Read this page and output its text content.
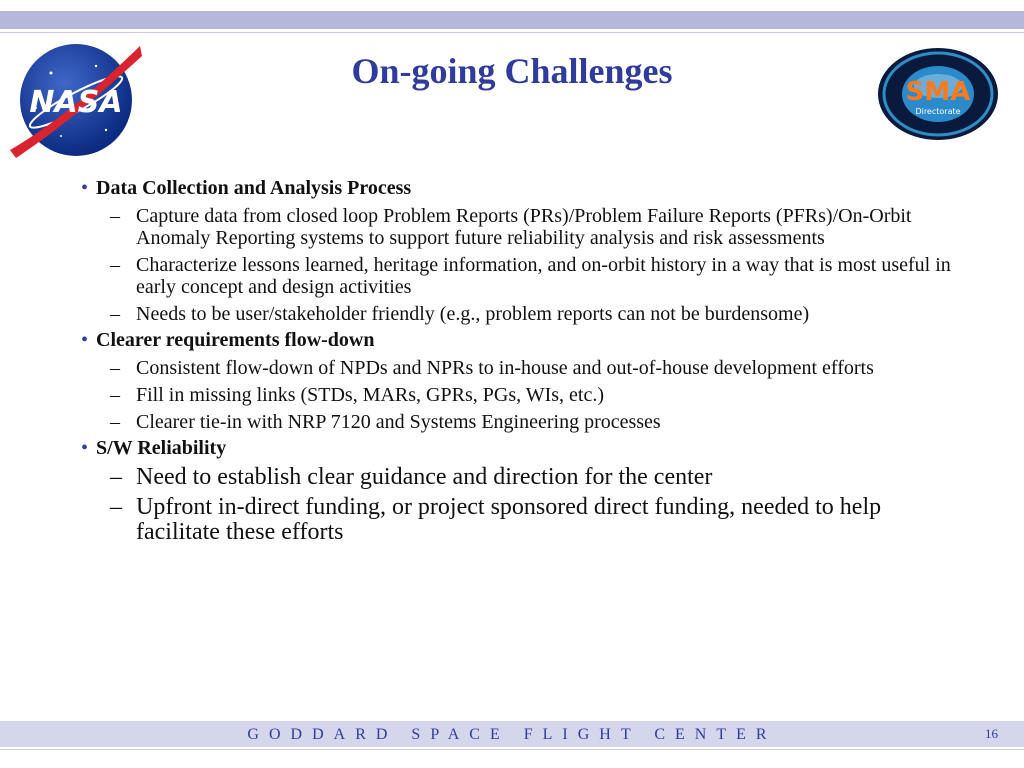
NASA
On-going Challenges
SMA
Directorate
• Data Collection and Analysis Process
– Capture data from closed loop Problem Reports (PRs)/Problem Failure Reports (PFRs)/On-Orbit Anomaly Reporting systems to support future reliability analysis and risk assessments
– Characterize lessons learned, heritage information, and on-orbit history in a way that is most useful in early concept and design activities
– Needs to be user/stakeholder friendly (e.g., problem reports can not be burdensome)
• Clearer requirements flow-down
– Consistent flow-down of NPDs and NPRs to in-house and out-of-house development efforts
– Fill in missing links (STDs, MARs, GPRs, PGs, WIs, etc.)
– Clearer tie-in with NRP 7120 and Systems Engineering processes
• S/W Reliability
– Need to establish clear guidance and direction for the center
– Upfront in-direct funding, or project sponsored direct funding, needed to help facilitate these efforts
GODDARD SPACE FLIGHT CENTER	16
